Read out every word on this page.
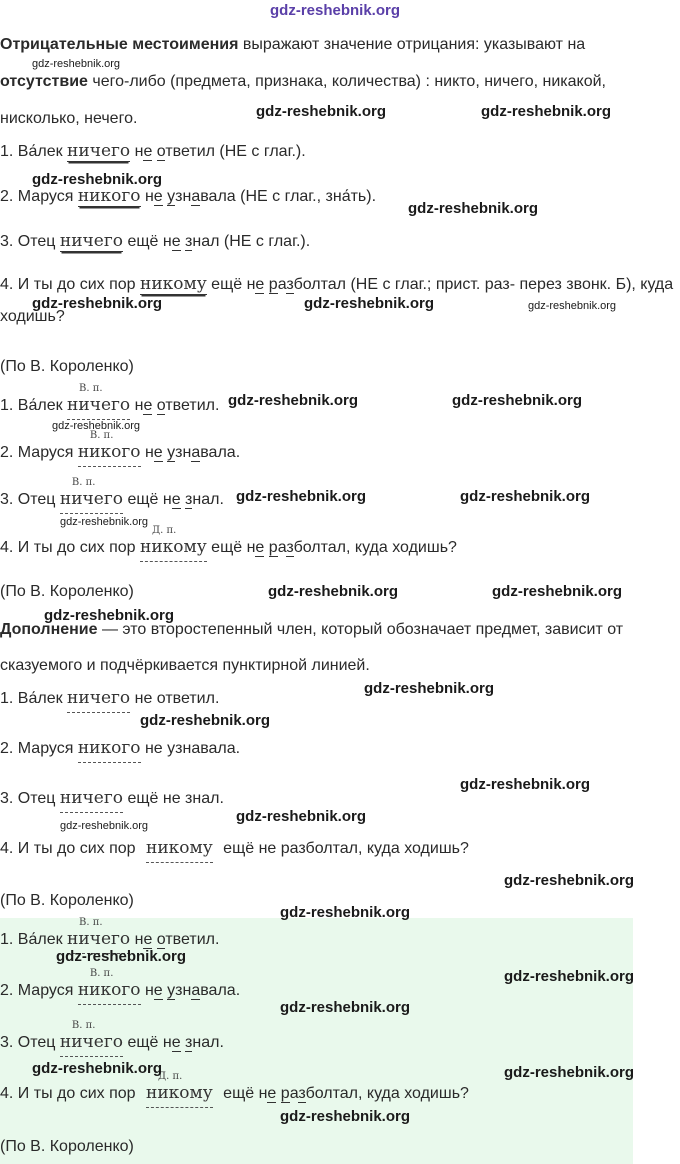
gdz-reshebnik.org
Отрицательные местоимения выражают значение отрицания: указывают на отсутствие чего-либо (предмета, признака, количества) : никто, ничего, никакой, нисколько, нечего.
1. Ва́лек ничего не ответил (НЕ с глаг.).
2. Маруся никого не узнавала (НЕ с глаг., зна́ть).
3. Отец ничего ещё не знал (НЕ с глаг.).
4. И ты до сих пор никому ещё не разболтал (НЕ с глаг.; прист. раз- перез звонк. Б), куда ходишь?
(По В. Короленко)
1. Ва́лек
В. п.
ничего не ответил.
2. Маруся
В. п.
никого не узнавала.
3. Отец
В. п.
ничего ещё не знал.
4. И ты до сих пор
Д. п.
никому ещё не разболтал, куда ходишь?
(По В. Короленко)
Дополнение — это второстепенный член, который обозначает предмет, зависит от сказуемого и подчёркивается пунктирной линией.
1. Ва́лек ничего не ответил.
2. Маруся никого не узнавала.
3. Отец ничего ещё не знал.
4. И ты до сих пор никому ещё не разболтал, куда ходишь?
(По В. Короленко)
1. Ва́лек
В. п.
ничего не ответил.
2. Маруся
В. п.
никого не узнавала.
3. Отец
В. п.
ничего ещё не знал.
4. И ты до сих пор
Д. п.
никому ещё не разболтал, куда ходишь?
(По В. Короленко)
gdz-reshebnik.org
gdz-reshebnik.org	gdz-reshebnik.org
gdz-reshebnik.org
gdz-reshebnik.org
gdz-reshebnik.org	gdz-reshebnik.org	gdz-reshebnik.org
gdz-reshebnik.org	gdz-reshebnik.org
gdz-reshebnik.org
gdz-reshebnik.org	gdz-reshebnik.org
gdz-reshebnik.org
gdz-reshebnik.org	gdz-reshebnik.org
gdz-reshebnik.org
gdz-reshebnik.org
gdz-reshebnik.org
gdz-reshebnik.org
gdz-reshebnik.org
gdz-reshebnik.org
gdz-reshebnik.org
gdz-reshebnik.org
gdz-reshebnik.org
gdz-reshebnik.org
gdz-reshebnik.org
gdz-reshebnik.org	gdz-reshebnik.org
gdz-reshebnik.org
